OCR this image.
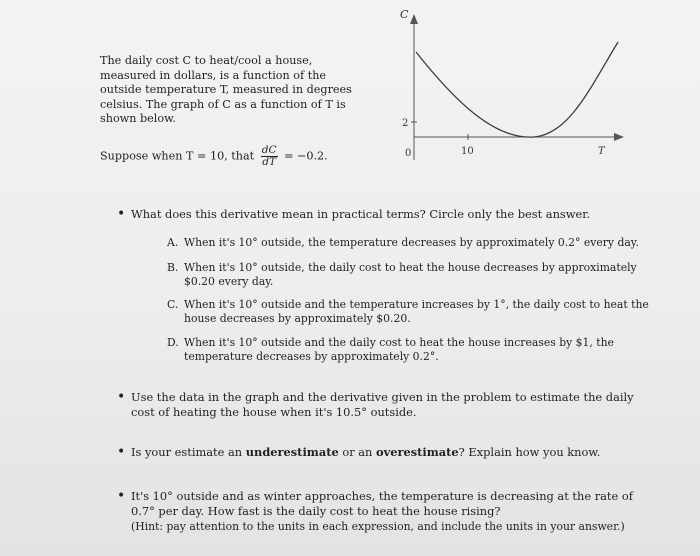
The daily cost C to heat/cool a house, measured in dollars, is a function of the outside temperature T, measured in degrees celsius. The graph of C as a function of T is shown below.
Suppose when T = 10, that $\frac{dC}{dT} = -0.2$.
C
2
0	10	T
• What does this derivative mean in practical terms? Circle only the best answer.
A. When it's 10° outside, the temperature decreases by approximately 0.2° every day.
B. When it's 10° outside, the daily cost to heat the house decreases by approximately $0.20 every day.
C. When it's 10° outside and the temperature increases by 1°, the daily cost to heat the house decreases by approximately $0.20.
D. When it's 10° outside and the daily cost to heat the house increases by $1, the temperature decreases by approximately 0.2°.
• Use the data in the graph and the derivative given in the problem to estimate the daily cost of heating the house when it's 10.5° outside.
• Is your estimate an underestimate or an overestimate? Explain how you know.
• It's 10° outside and as winter approaches, the temperature is decreasing at the rate of 0.7° per day. How fast is the daily cost to heat the house rising?
(Hint: pay attention to the units in each expression, and include the units in your answer.)
